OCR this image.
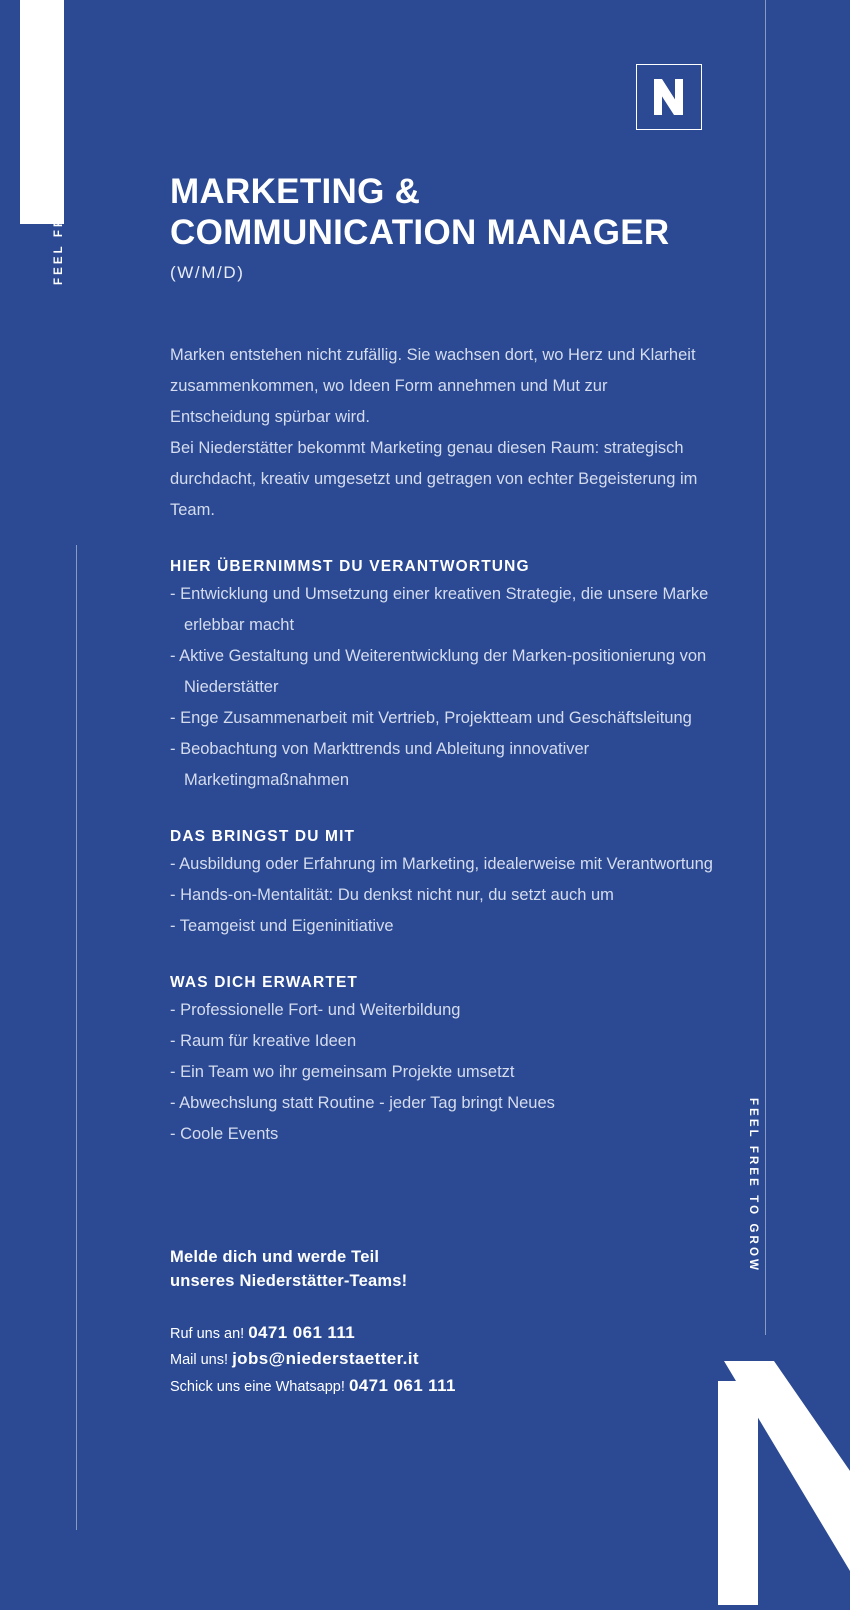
FEEL FREE TO GROW
FEEL FREE TO GROW
MARKETING &
COMMUNICATION MANAGER
(W/M/D)

Marken entstehen nicht zufällig. Sie wachsen dort, wo Herz und Klarheit zusammenkommen, wo Ideen Form annehmen und Mut zur Entscheidung spürbar wird.

Bei Niederstätter bekommt Marketing genau diesen Raum: strategisch durchdacht, kreativ umgesetzt und getragen von echter Begeisterung im Team.

HIER ÜBERNIMMST DU VERANTWORTUNG
- Entwicklung und Umsetzung einer kreativen Strategie, die unsere Marke erlebbar macht
- Aktive Gestaltung und Weiterentwicklung der Marken-positionierung von Niederstätter
- Enge Zusammenarbeit mit Vertrieb, Projektteam und Geschäftsleitung
- Beobachtung von Markttrends und Ableitung innovativer Marketingmaßnahmen
DAS BRINGST DU MIT
- Ausbildung oder Erfahrung im Marketing, idealerweise mit Verantwortung
- Hands-on-Mentalität: Du denkst nicht nur, du setzt auch um
- Teamgeist und Eigeninitiative
WAS DICH ERWARTET
- Professionelle Fort- und Weiterbildung
- Raum für kreative Ideen
- Ein Team wo ihr gemeinsam Projekte umsetzt
- Abwechslung statt Routine - jeder Tag bringt Neues
- Coole Events
Melde dich und werde Teil
unseres Niederstätter-Teams!
Ruf uns an! 0471 061 111
Mail uns! jobs@niederstaetter.it
Schick uns eine Whatsapp! 0471 061 111
